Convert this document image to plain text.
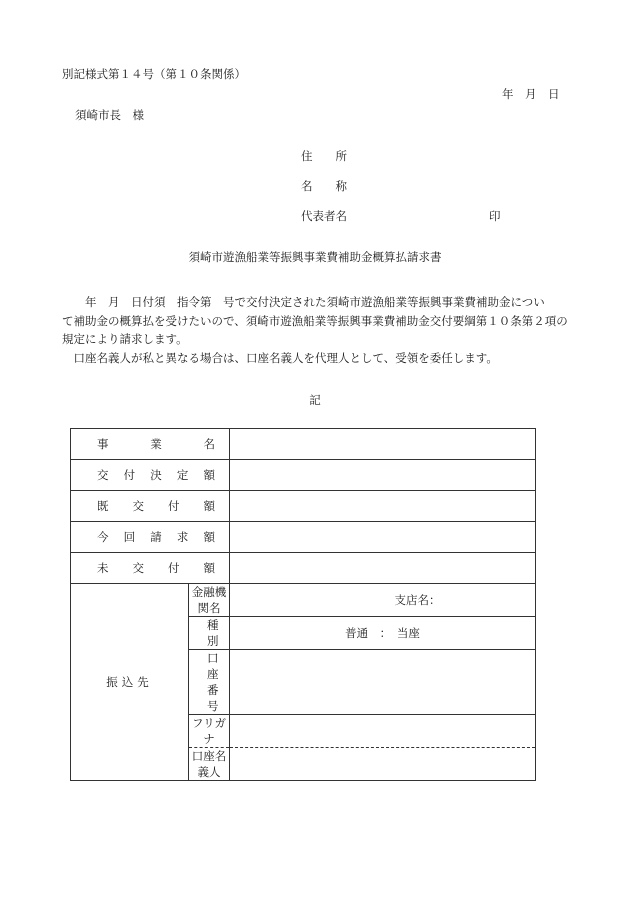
別記様式第１４号（第１０条関係）
年　月　日
須崎市長　様
住　　所
名　　称
代表者名	印
須崎市遊漁船業等振興事業費補助金概算払請求書
　　年　月　日付須　指令第　号で交付決定された須崎市遊漁船業等振興事業費補助金につい
て補助金の概算払を受けたいので、須崎市遊漁船業等振興事業費補助金交付要綱第１０条第２項の
規定により請求します。
　口座名義人が私と異なる場合は、口座名義人を代理人として、受領を委任します。
記
事業名		
交付決定額		
既交付額		
今回請求額		
未交付額		
振込先	金融機関名	支店名：
	種別	普通　：　当座
	口座番号	
	フリガナ	
	口座名義人	
